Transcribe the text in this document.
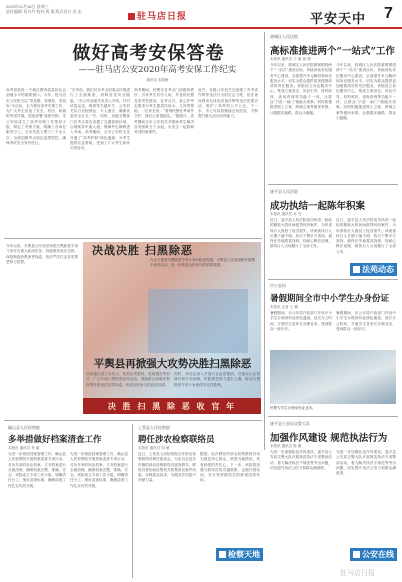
2020年11月18日 星期三
责任编辑 刘丹丹 校对 周 燕 版式设计 范 宏	驻马店日报	平安天中 7
做好高考安保答卷
——驻马店公安2020年高考安保工作纪实
通讯员 宋晓梅
高考是检验一个地区教育质量和社会治理水平的重要窗口。今年，驻马店市公安机关以“零差错、零事故、零投诉”为目标，全力做好高考安保工作，为广大考生营造了安全、有序、和谐的考试环境。提前部署 周密安排。市公安局成立了高考安保工作领导小组，制定了安保方案，明确了各单位职责分工。全市共投入警力三千余人次，全面加强考点周边巡逻防控，确保考试安全有序进行。
“在考前，我们对各考点的周边环境进行了全面排查，消除各类安全隐患。”市公安局相关负责人介绍。针对试卷运送、保管等关键环节，公安机关实行全程押运、专人值守，确保试卷安全万无一失。同时，各级交警部门在考点周边设置了交通管制区域，合理疏导车流人流，保障考生顺利进入考场。高考期间，全市公安机关还开通了“高考护航”绿色通道，为考生提供应急帮助，受到了广大考生和家长的好评。
高考期间，民警在各考点门前维持秩序，引导考生有序入场，并及时处置各类突发情况。在考点外，爱心护考志愿者为考生提供饮用水、文具等帮助。一位家长说：“看到民警在考场外守护，我们心里很踏实。”据统计，高考期间全市公安机关共帮助考生解决各类困难五十余起，未发生一起影响考试的案事件。
此外，各级公安机关还加强了对考试作弊等违法行为的打击力度，依法查处利用无线电设备作弊等违法犯罪活动，维护了高考的公平公正。下一步，市公安局将继续总结经验，不断提升重大活动安保能力。
驿城区人民法院
高标准推进两个“一站式”工作
本报讯 通讯员 王 敏 姜 珊
今年以来，驿城区人民法院紧紧围绕两个“一站式”建设目标，持续深化诉讼服务中心建设，全面提升多元解纷和诉讼服务水平，切实为群众提供更加便捷高效的司法服务。该院设立诉讼服务中心，集成立案登记、诉讼引导、材料收转、查询咨询等功能于一体，让群众“只进一扇门”就能办成事。同时积极推进网上立案、跨域立案等便民举措，让数据多跑路，群众少跑腿。
今年以来，驿城区人民法院紧紧围绕两个“一站式”建设目标，持续深化诉讼服务中心建设，全面提升多元解纷和诉讼服务水平，切实为群众提供更加便捷高效的司法服务。该院设立诉讼服务中心，集成立案登记、诉讼引导、材料收转、查询咨询等功能于一体，让群众“只进一扇门”就能办成事。同时积极推进网上立案、跨域立案等便民举措，让数据多跑路，群众少跑腿。
遂平县人民法院
成功执结一起陈年积案
本报讯 通讯员 孙 亮
近日，遂平县人民法院成功执结一起标的额较大的民间借贷纠纷案件，为申请执行人挽回了经济损失。该案被执行人长期下落不明，执行干警多方查找，最终在外地将其找到，经耐心释法说理，被执行人当场履行了全部义务。
近日，遂平县人民法院成功执结一起标的额较大的民间借贷纠纷案件，为申请执行人挽回了经济损失。该案被执行人长期下落不明，执行干警多方查找，最终在外地将其找到，经耐心释法说理，被执行人当场履行了全部义务。
法苑动态
市公安局
暑假期间全市中小学生办身份证
本报讯 记者 王 鹏
暑假期间，市公安局户政部门开设中小学生办理身份证绿色通道，延长办公时间，方便学生及家长办理业务，受到群众一致好评。
暑假期间，市公安局户政部门开设中小学生办理身份证绿色通道，延长办公时间，方便学生及家长办理业务，受到群众一致好评。
民警为学生办理身份证业务。
遂平县公安局交警大队
加强作风建设 规范执法行为
本报讯 通讯员 陈 刚
为进一步加强队伍作风建设，遂平县公安局交警大队开展规范执法专项整治活动，着力解决执法不规范等突出问题，切实提升执法公信力和群众满意度。
为进一步加强队伍作风建设，遂平县公安局交警大队开展规范执法专项整治活动，着力解决执法不规范等突出问题，切实提升执法公信力和群众满意度。
公安在线
决战决胜 扫黑除恶
为全力推进扫黑除恶专项斗争向纵深发展，平舆县公安局组织开展集中宣传活动，进一步营造全民参与的浓厚氛围。
平舆县再掀强大攻势决胜扫黑除恶
今年以来，平舆县公安局坚持把扫黑除恶专项斗争作为重大政治任务，持续保持高压态势，深挖彻查涉黑涉恶线索，依法严厉打击各类黑恶势力犯罪。
该局通过设立宣传点、发放宣传资料、张贴通告等形式，广泛开展扫黑除恶宣传活动，鼓励群众积极举报涉黑涉恶违法犯罪线索，形成全民参与的良好局面。
同时，该局还深入开展行业乱象整治，对重点行业领域开展专项治理，铲除黑恶势力滋生土壤，推动扫黑除恶专项斗争取得决定性胜利。
决 胜 扫 黑 除 恶 收 官 年
确山县人民检察院
多举措做好档案清查工作
本报讯 通讯员 李 丽
为进一步规范档案管理工作，确山县人民检察院开展档案清查专项行动，对历年来的诉讼档案、文书档案进行全面清理，确保档案完整、准确、安全。该院成立专项工作小组，明确责任分工，细化清查标准，确保清查工作扎实有效开展。
为进一步规范档案管理工作，确山县人民检察院开展档案清查专项行动，对历年来的诉讼档案、文书档案进行全面清理，确保档案完整、准确、安全。该院成立专项工作小组，明确责任分工，细化清查标准，确保清查工作扎实有效开展。
上蔡县人民检察院
聘任涉农检察联络员
本报讯 通讯员 周 敏
近日，上蔡县人民检察院召开涉农检察联络员聘任座谈会，为来自全县各乡镇的涉农检察联络员颁发聘书。联络员将协助检察机关收集涉农案件线索，反映群众诉求，为服务乡村振兴贡献力量。
据悉，此次聘任的涉农检察联络员均为基层热心群众，熟悉当地情况，具有较强的责任心。下一步，该院将加强与联络员的沟通联系，定期开展培训，充分发挥联络员的桥梁纽带作用。
检察天地
驻马店日报
